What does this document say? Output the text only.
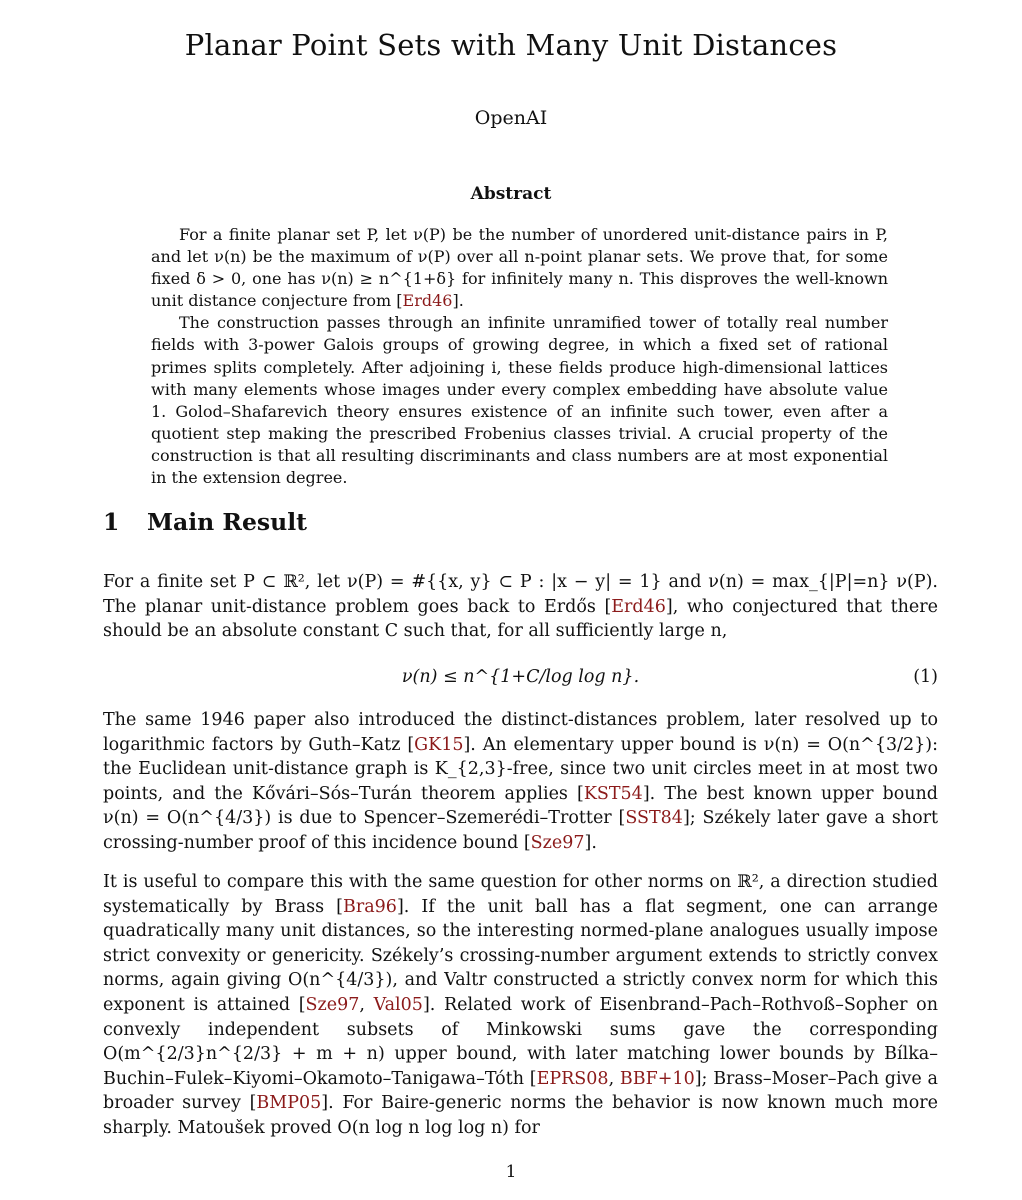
Planar Point Sets with Many Unit Distances
OpenAI
Abstract

For a finite planar set P, let ν(P) be the number of unordered unit-distance pairs in P, and let ν(n) be the maximum of ν(P) over all n-point planar sets. We prove that, for some fixed δ > 0, one has ν(n) ≥ n^{1+δ} for infinitely many n. This disproves the well-known unit distance conjecture from [Erd46].

The construction passes through an infinite unramified tower of totally real number fields with 3-power Galois groups of growing degree, in which a fixed set of rational primes splits completely. After adjoining i, these fields produce high-dimensional lattices with many elements whose images under every complex embedding have absolute value 1. Golod–Shafarevich theory ensures existence of an infinite such tower, even after a quotient step making the prescribed Frobenius classes trivial. A crucial property of the construction is that all resulting discriminants and class numbers are at most exponential in the extension degree.

1 Main Result

For a finite set P ⊂ ℝ², let ν(P) = #{{x, y} ⊂ P : |x − y| = 1} and ν(n) = max_{|P|=n} ν(P). The planar unit-distance problem goes back to Erdős [Erd46], who conjectured that there should be an absolute constant C such that, for all sufficiently large n,

ν(n) ≤ n^{1+C/log log n}.	(1)

The same 1946 paper also introduced the distinct-distances problem, later resolved up to logarithmic factors by Guth–Katz [GK15]. An elementary upper bound is ν(n) = O(n^{3/2}): the Euclidean unit-distance graph is K_{2,3}-free, since two unit circles meet in at most two points, and the Kővári–Sós–Turán theorem applies [KST54]. The best known upper bound ν(n) = O(n^{4/3}) is due to Spencer–Szemerédi–Trotter [SST84]; Székely later gave a short crossing-number proof of this incidence bound [Sze97].

It is useful to compare this with the same question for other norms on ℝ², a direction studied systematically by Brass [Bra96]. If the unit ball has a flat segment, one can arrange quadratically many unit distances, so the interesting normed-plane analogues usually impose strict convexity or genericity. Székely’s crossing-number argument extends to strictly convex norms, again giving O(n^{4/3}), and Valtr constructed a strictly convex norm for which this exponent is attained [Sze97, Val05]. Related work of Eisenbrand–Pach–Rothvoß–Sopher on convexly independent subsets of Minkowski sums gave the corresponding O(m^{2/3}n^{2/3} + m + n) upper bound, with later matching lower bounds by Bílka–Buchin–Fulek–Kiyomi–Okamoto–Tanigawa–Tóth [EPRS08, BBF+10]; Brass–Moser–Pach give a broader survey [BMP05]. For Baire-generic norms the behavior is now known much more sharply. Matoušek proved O(n log n log log n) for

1
